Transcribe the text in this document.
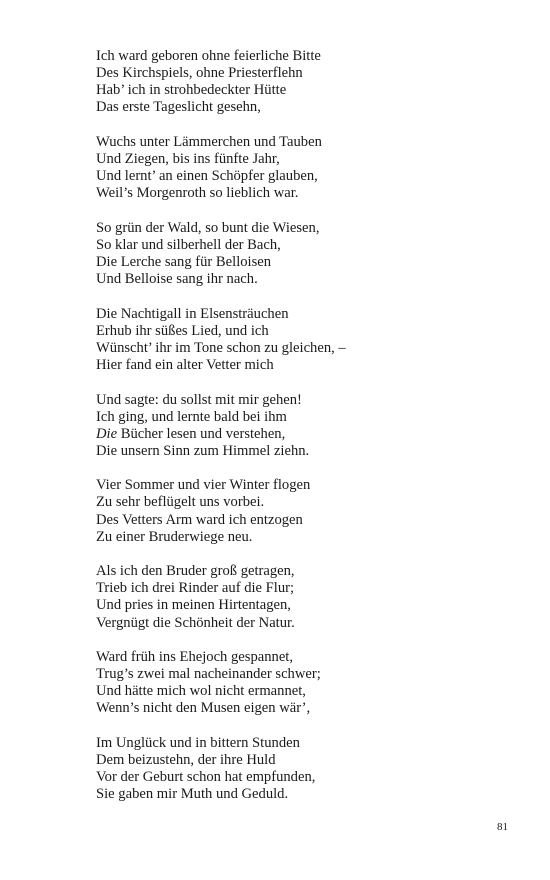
Ich ward geboren ohne feierliche Bitte
Des Kirchspiels, ohne Priesterflehn
Hab’ ich in strohbedeckter Hütte
Das erste Tageslicht gesehn,
Wuchs unter Lämmerchen und Tauben
Und Ziegen, bis ins fünfte Jahr,
Und lernt’ an einen Schöpfer glauben,
Weil’s Morgenroth so lieblich war.
So grün der Wald, so bunt die Wiesen,
So klar und silberhell der Bach,
Die Lerche sang für Belloisen
Und Belloise sang ihr nach.
Die Nachtigall in Elsensträuchen
Erhub ihr süßes Lied, und ich
Wünscht’ ihr im Tone schon zu gleichen, –
Hier fand ein alter Vetter mich
Und sagte: du sollst mit mir gehen!
Ich ging, und lernte bald bei ihm
Die Bücher lesen und verstehen,
Die unsern Sinn zum Himmel ziehn.
Vier Sommer und vier Winter flogen
Zu sehr beflügelt uns vorbei.
Des Vetters Arm ward ich entzogen
Zu einer Bruderwiege neu.
Als ich den Bruder groß getragen,
Trieb ich drei Rinder auf die Flur;
Und pries in meinen Hirtentagen,
Vergnügt die Schönheit der Natur.
Ward früh ins Ehejoch gespannet,
Trug’s zwei mal nacheinander schwer;
Und hätte mich wol nicht ermannet,
Wenn’s nicht den Musen eigen wär’,
Im Unglück und in bittern Stunden
Dem beizustehn, der ihre Huld
Vor der Geburt schon hat empfunden,
Sie gaben mir Muth und Geduld.
81
